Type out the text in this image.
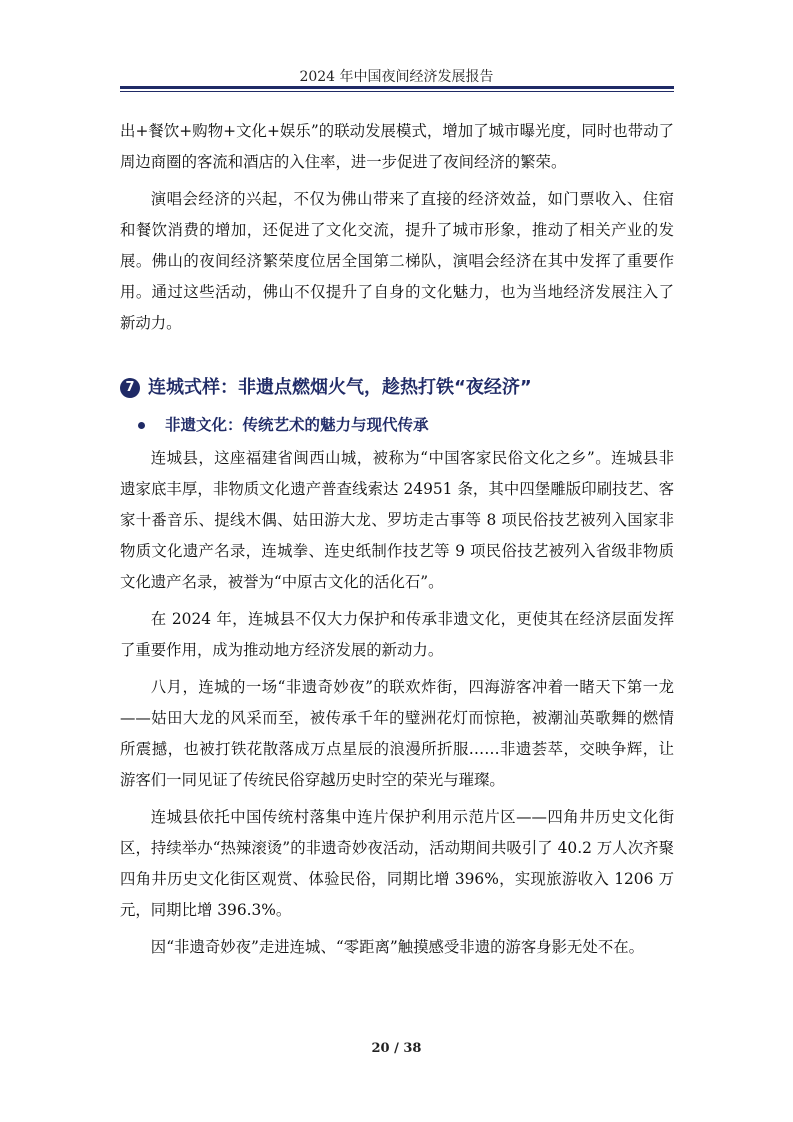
2024 年中国夜间经济发展报告

出+餐饮+购物+文化+娱乐”的联动发展模式，增加了城市曝光度，同时也带动了周边商圈的客流和酒店的入住率，进一步促进了夜间经济的繁荣。

演唱会经济的兴起，不仅为佛山带来了直接的经济效益，如门票收入、住宿和餐饮消费的增加，还促进了文化交流，提升了城市形象，推动了相关产业的发展。佛山的夜间经济繁荣度位居全国第二梯队，演唱会经济在其中发挥了重要作用。通过这些活动，佛山不仅提升了自身的文化魅力，也为当地经济发展注入了新动力。

7 连城式样：非遗点燃烟火气，趁热打铁“夜经济”
非遗文化：传统艺术的魅力与现代传承

连城县，这座福建省闽西山城，被称为“中国客家民俗文化之乡”。连城县非遗家底丰厚，非物质文化遗产普查线索达 24951 条，其中四堡雕版印刷技艺、客家十番音乐、提线木偶、姑田游大龙、罗坊走古事等 8 项民俗技艺被列入国家非物质文化遗产名录，连城拳、连史纸制作技艺等 9 项民俗技艺被列入省级非物质文化遗产名录，被誉为“中原古文化的活化石”。

在 2024 年，连城县不仅大力保护和传承非遗文化，更使其在经济层面发挥了重要作用，成为推动地方经济发展的新动力。

八月，连城的一场“非遗奇妙夜”的联欢炸街，四海游客冲着一睹天下第一龙——姑田大龙的风采而至，被传承千年的璧洲花灯而惊艳，被潮汕英歌舞的燃情所震撼，也被打铁花散落成万点星辰的浪漫所折服……非遗荟萃，交映争辉，让游客们一同见证了传统民俗穿越历史时空的荣光与璀璨。

连城县依托中国传统村落集中连片保护利用示范片区——四角井历史文化街区，持续举办“热辣滚烫”的非遗奇妙夜活动，活动期间共吸引了 40.2 万人次齐聚四角井历史文化街区观赏、体验民俗，同期比增 396%，实现旅游收入 1206 万元，同期比增 396.3%。

因“非遗奇妙夜”走进连城、“零距离”触摸感受非遗的游客身影无处不在。

20 / 38
